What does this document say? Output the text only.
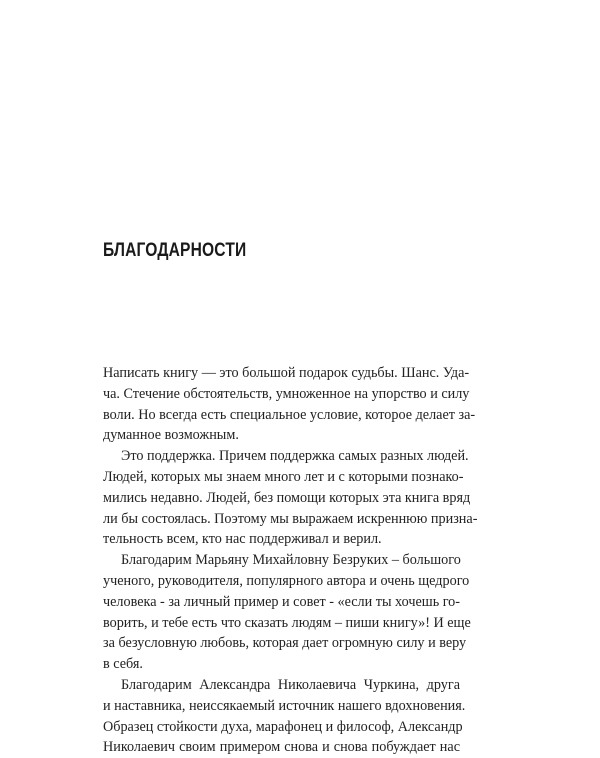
БЛАГОДАРНОСТИ
Написать книгу — это большой подарок судьбы. Шанс. Уда-
ча. Стечение обстоятельств, умноженное на упорство и силу
воли. Но всегда есть специальное условие, которое делает за-
думанное возможным.
Это поддержка. Причем поддержка самых разных людей.
Людей, которых мы знаем много лет и с которыми познако-
мились недавно. Людей, без помощи которых эта книга вряд
ли бы состоялась. Поэтому мы выражаем искреннюю призна-
тельность всем, кто нас поддерживал и верил.
Благодарим Марьяну Михайловну Безруких – большого
ученого, руководителя, популярного автора и очень щедрого
человека - за личный пример и совет - «если ты хочешь го-
ворить, и тебе есть что сказать людям – пиши книгу»! И еще
за безусловную любовь, которая дает огромную силу и веру
в себя.
Благодарим Александра Николаевича Чуркина, друга
и наставника, неиссякаемый источник нашего вдохновения.
Образец стойкости духа, марафонец и философ, Александр
Николаевич своим примером снова и снова побуждает нас
